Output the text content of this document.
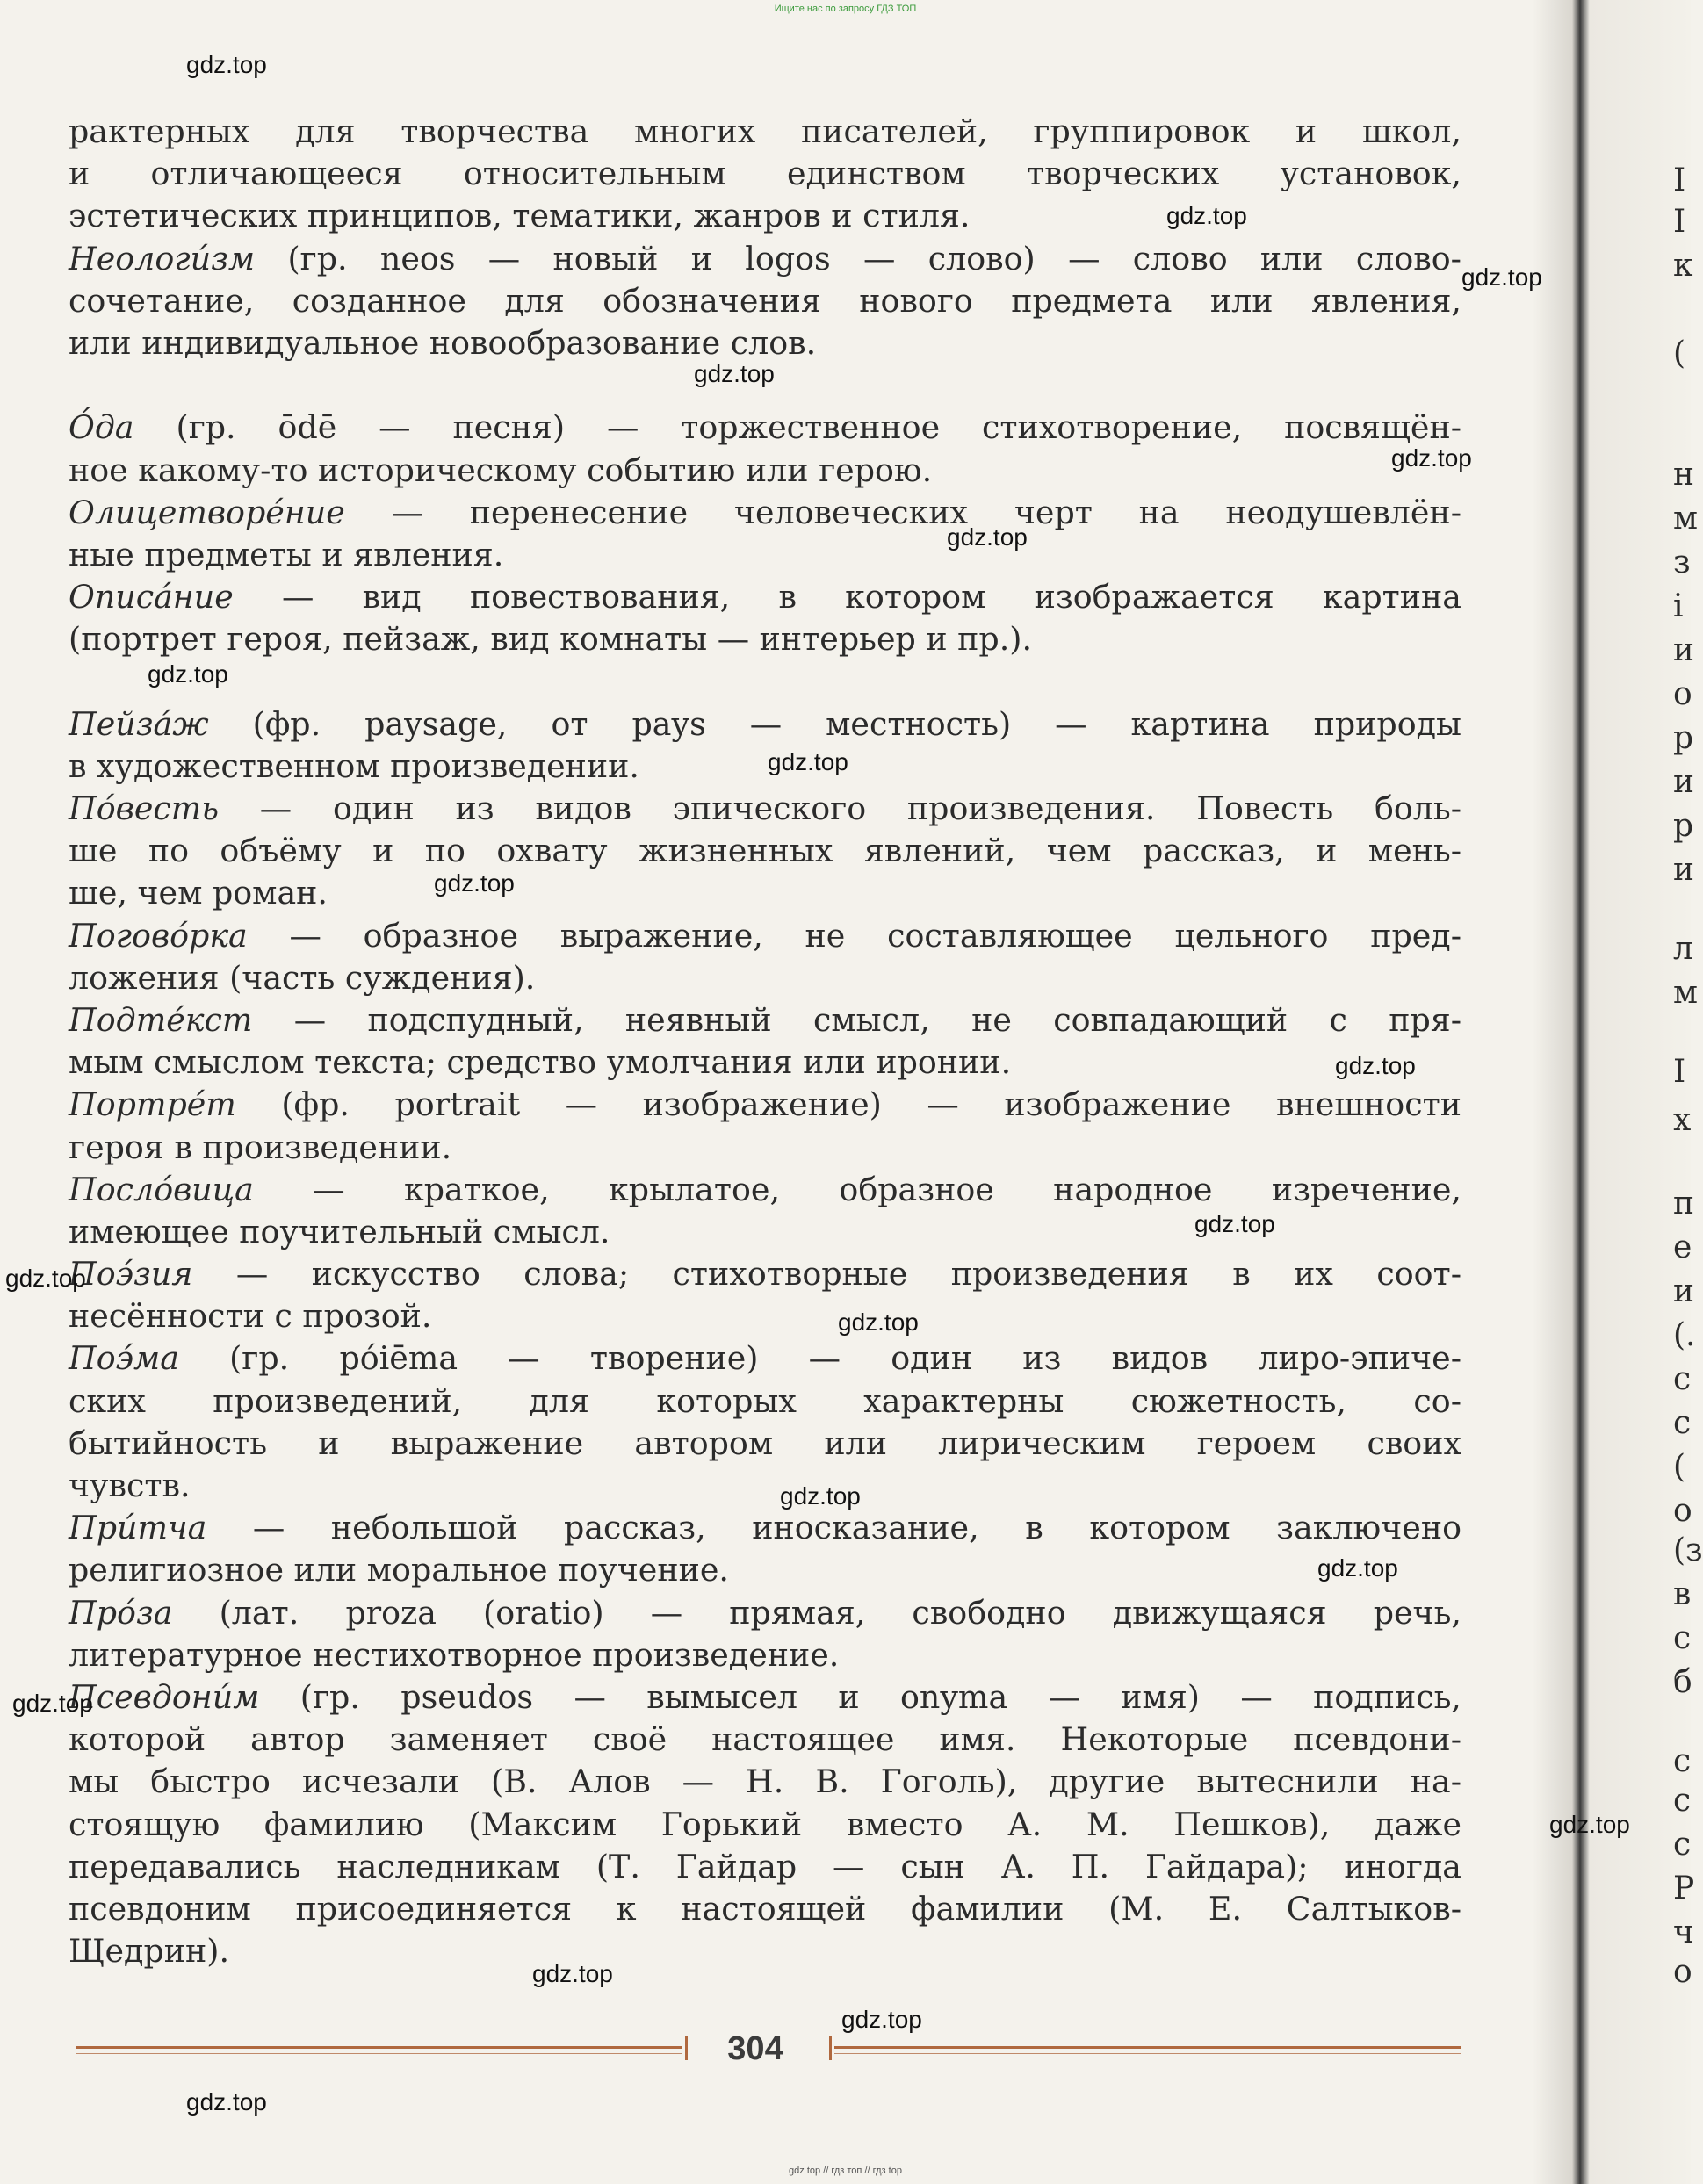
Ищите нас по запросу ГДЗ ТОП
рактерных для творчества многих писателей, группировок и школ,
и отличающееся относительным единством творческих установок,
эстетических принципов, тематики, жанров и стиля.
Неологи́зм (гр. neos — новый и logos — слово) — слово или слово-
сочетание, созданное для обозначения нового предмета или явления,
или индивидуальное новообразование слов.
О́да (гр. ōdē — песня) — торжественное стихотворение, посвящён-
ное какому-то историческому событию или герою.
Олицетворе́ние — перенесение человеческих черт на неодушевлён-
ные предметы и явления.
Описа́ние — вид повествования, в котором изображается картина
(портрет героя, пейзаж, вид комнаты — интерьер и пр.).
Пейза́ж (фр. paysage, от pays — местность) — картина природы
в художественном произведении.
По́весть — один из видов эпического произведения. Повесть боль-
ше по объёму и по охвату жизненных явлений, чем рассказ, и мень-
ше, чем роман.
Погово́рка — образное выражение, не составляющее цельного пред-
ложения (часть суждения).
Подте́кст — подспудный, неявный смысл, не совпадающий с пря-
мым смыслом текста; средство умолчания или иронии.
Портре́т (фр. portrait — изображение) — изображение внешности
героя в произведении.
Посло́вица — краткое, крылатое, образное народное изречение,
имеющее поучительный смысл.
Поэ́зия — искусство слова; стихотворные произведения в их соот-
несённости с прозой.
Поэ́ма (гр. póiēma — творение) — один из видов лиро-эпиче-
ских произведений, для которых характерны сюжетность, со-
бытийность и выражение автором или лирическим героем своих
чувств.
При́тча — небольшой рассказ, иносказание, в котором заключено
религиозное или моральное поучение.
Про́за (лат. proza (oratio) — прямая, свободно движущаяся речь,
литературное нестихотворное произведение.
Псевдони́м (гр. pseudos — вымысел и onyma — имя) — подпись,
которой автор заменяет своё настоящее имя. Некоторые псевдони-
мы быстро исчезали (В. Алов — Н. В. Гоголь), другие вытеснили на-
стоящую фамилию (Максим Горький вместо А. М. Пешков), даже
передавались наследникам (Т. Гайдар — сын А. П. Гайдара); иногда
псевдоним присоединяется к настоящей фамилии (М. Е. Салтыков-
Щедрин).
gdz.top
gdz.top
gdz.top
gdz.top
gdz.top
gdz.top
gdz.top
gdz.top
gdz.top
gdz.top
gdz.top
gdz.top
gdz.top
gdz.top
gdz.top
gdz.top
gdz.top
gdz.top
gdz.top
gdz.top
304
Ι
I
к
(
н
м
з
і
и
о
р
и
р
и
л
м
Ι
х
п
е
и
(.
с
с
(
о
(з
в
с
б
с
с
с
Р
ч
о
gdz top // гдз топ // гдз top
